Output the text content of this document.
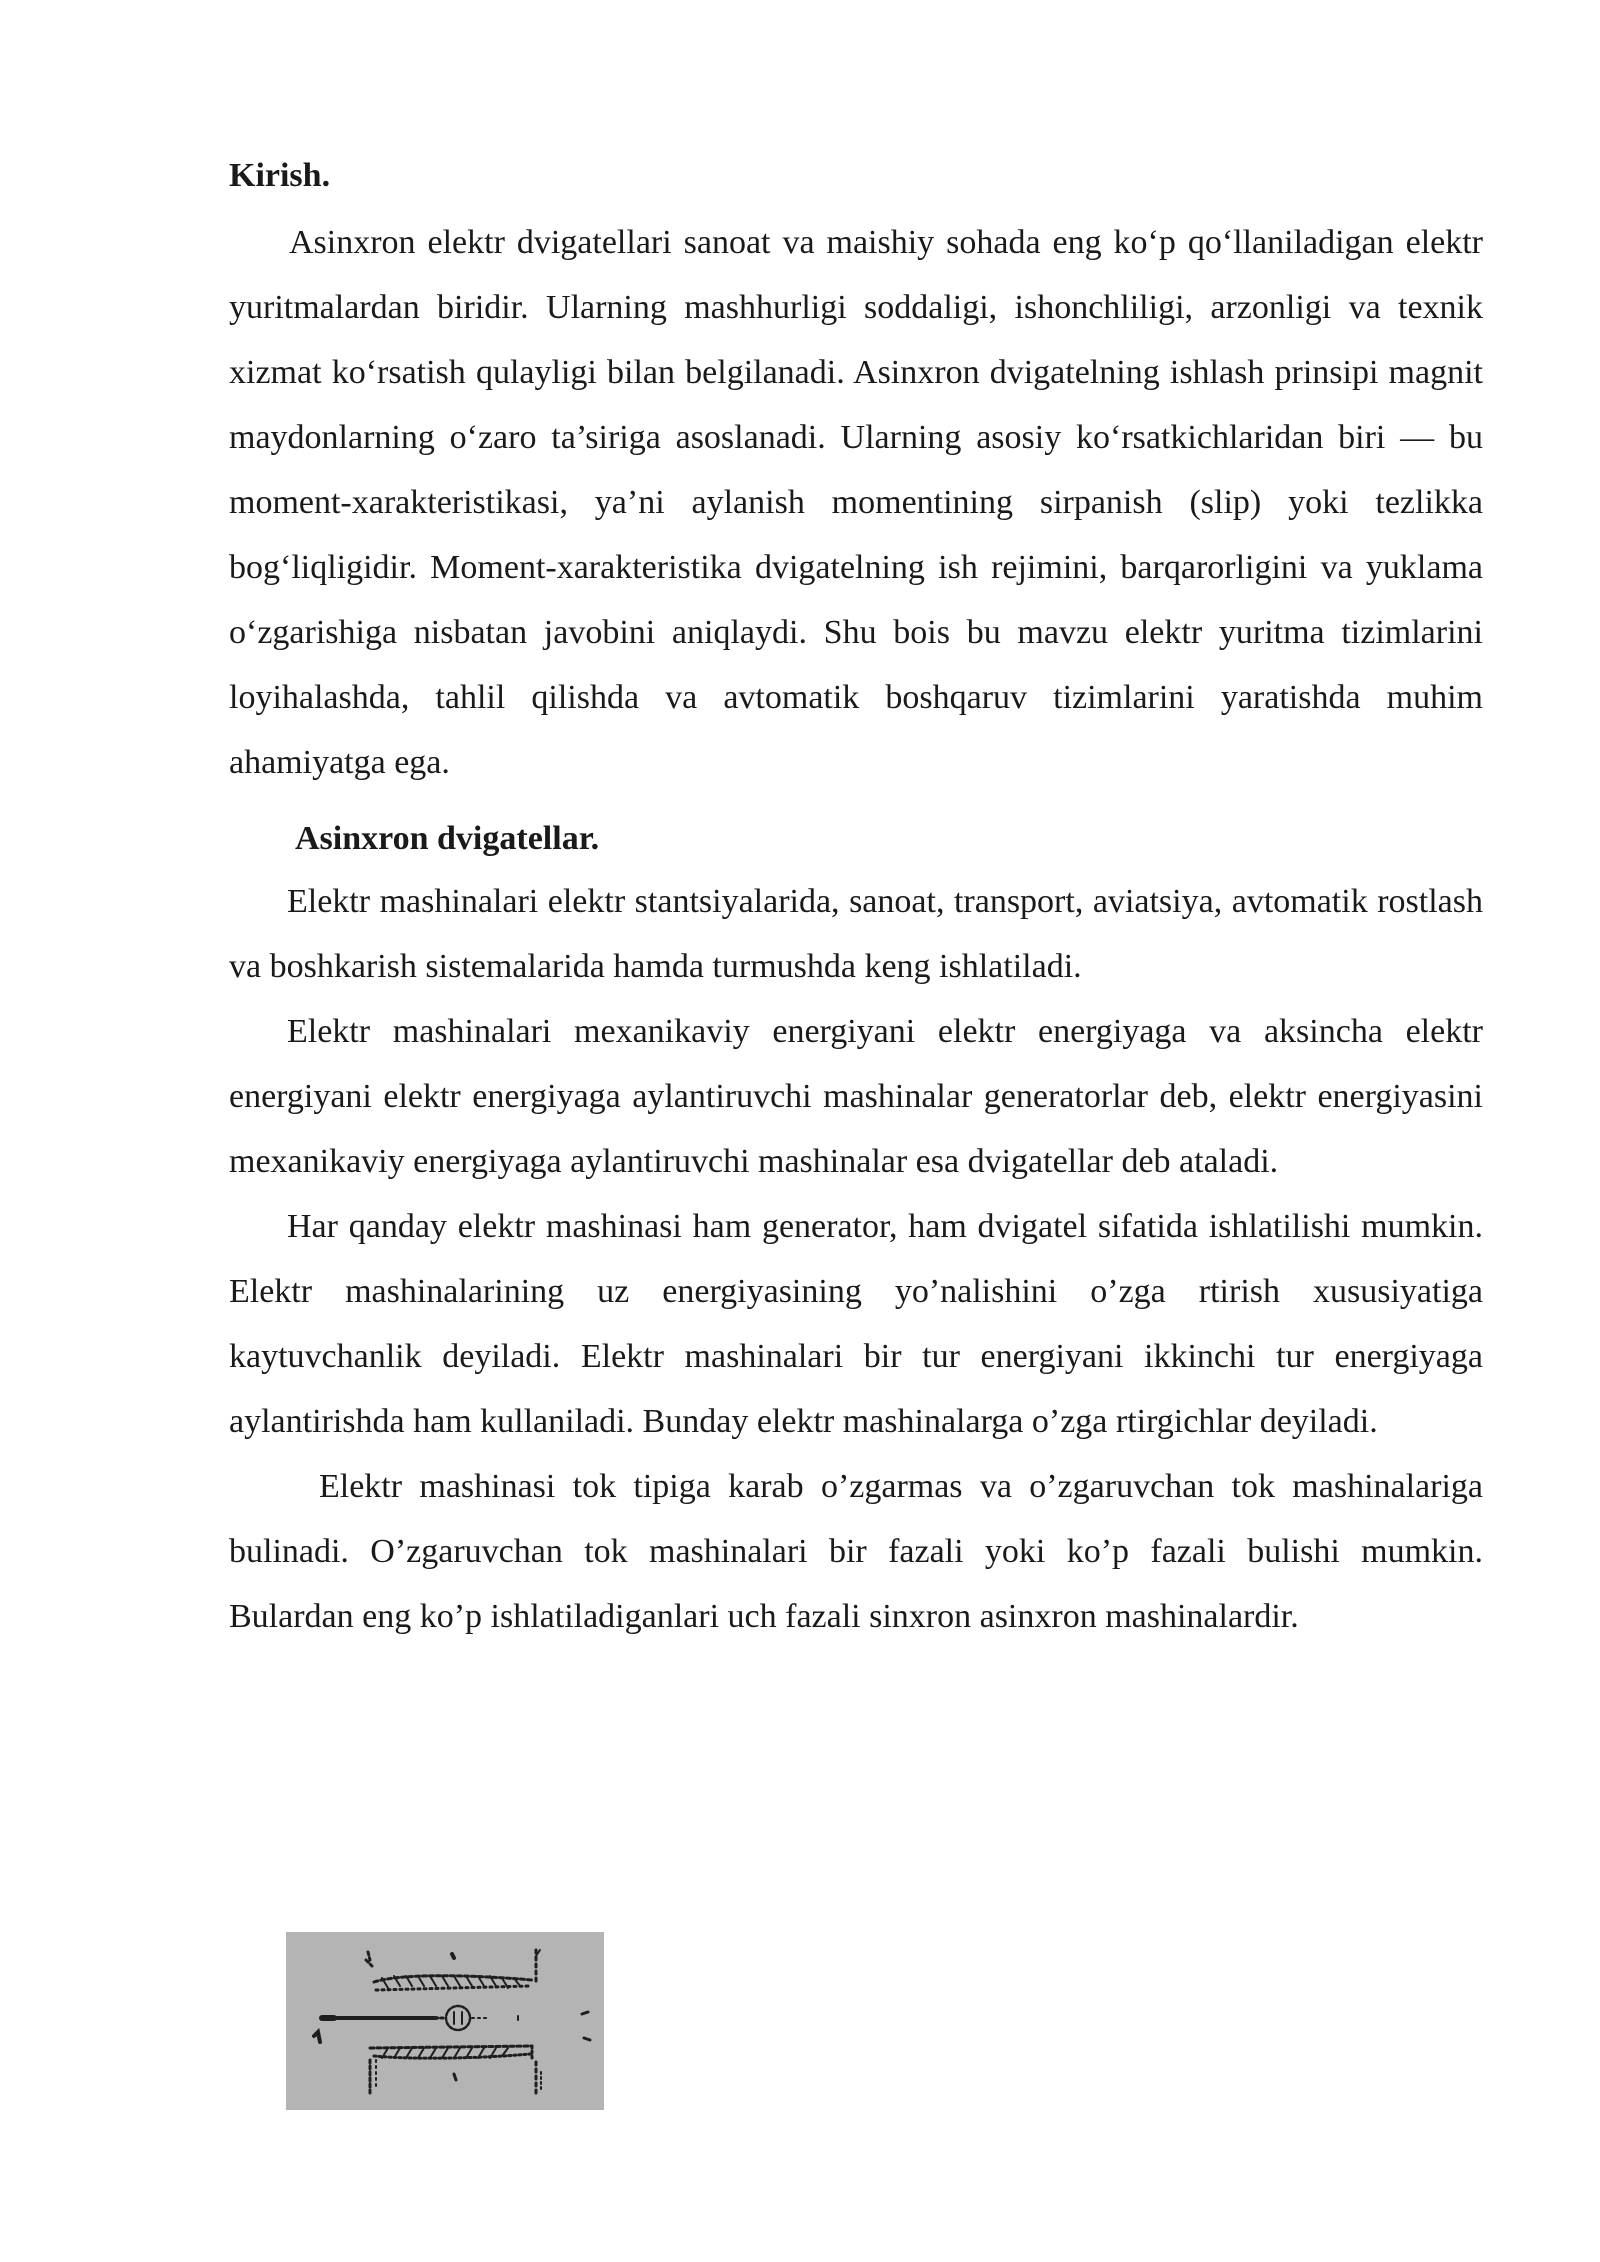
Kirish.

Asinxron elektr dvigatellari sanoat va maishiy sohada eng ko‘p qo‘llaniladigan elektr yuritmalardan biridir. Ularning mashhurligi soddaligi, ishonchliligi, arzonligi va texnik xizmat ko‘rsatish qulayligi bilan belgilanadi. Asinxron dvigatelning ishlash prinsipi magnit maydonlarning o‘zaro ta’siriga asoslanadi. Ularning asosiy ko‘rsatkichlaridan biri — bu moment-xarakteristikasi, ya’ni aylanish momentining sirpanish (slip) yoki tezlikka bog‘liqligidir. Moment-xarakteristika dvigatelning ish rejimini, barqarorligini va yuklama o‘zgarishiga nisbatan javobini aniqlaydi. Shu bois bu mavzu elektr yuritma tizimlarini loyihalashda, tahlil qilishda va avtomatik boshqaruv tizimlarini yaratishda muhim ahamiyatga ega.

Asinxron dvigatellar.

Elektr mashinalari elektr stantsiyalarida, sanoat, transport, aviatsiya, avtomatik rostlash va boshkarish sistemalarida hamda turmushda keng ishlatiladi.

Elektr mashinalari mexanikaviy energiyani elektr energiyaga va aksincha elektr energiyani elektr energiyaga aylantiruvchi mashinalar generatorlar deb, elektr energiyasini mexanikaviy energiyaga aylantiruvchi mashinalar esa dvigatellar deb ataladi.

Har qanday elektr mashinasi ham generator, ham dvigatel sifatida ishlatilishi mumkin. Elektr mashinalarining uz energiyasining yo’nalishini o’zga rtirish xususiyatiga kaytuvchanlik deyiladi. Elektr mashinalari bir tur energiyani ikkinchi tur energiyaga aylantirishda ham kullaniladi. Bunday elektr mashinalarga o’zga rtirgichlar deyiladi.

Elektr mashinasi tok tipiga karab o’zgarmas va o’zgaruvchan tok mashinalariga bulinadi. O’zgaruvchan tok mashinalari bir fazali yoki ko’p fazali bulishi mumkin. Bulardan eng ko’p ishlatiladiganlari uch fazali sinxron asinxron mashinalardir.
